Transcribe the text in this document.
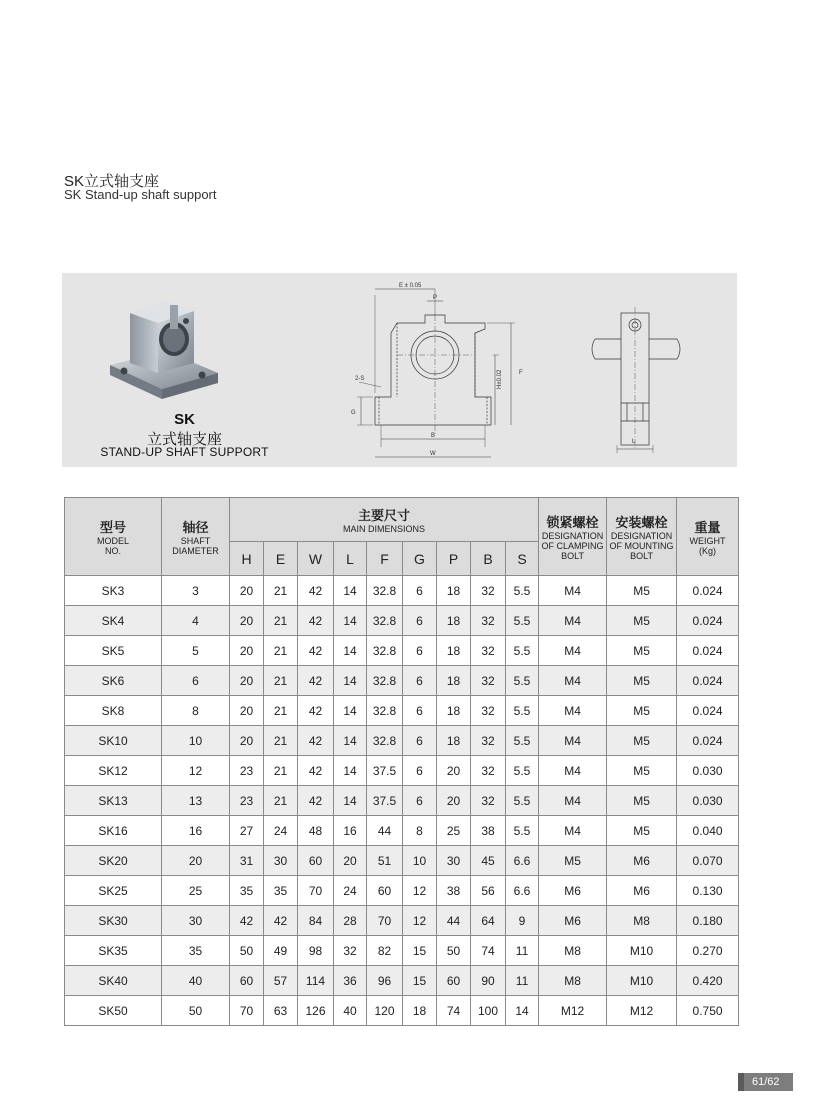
SK立式轴支座
SK Stand-up shaft support
SK
立式轴支座
STAND-UP SHAFT SUPPORT
E ± 0.05
P
2-S
G
H±0.02	F
B
W
L
型号
MODEL
NO.	轴径
SHAFT
DIAMETER	主要尺寸
MAIN DIMENSIONS									锁紧螺栓
DESIGNATION
OF CLAMPING
BOLT	安装螺栓
DESIGNATION
OF MOUNTING
BOLT	重量
WEIGHT
(Kg)

		H	E	W	L	F	G	P	B	S			
SK3	3	20	21	42	14	32.8	6	18	32	5.5	M4	M5	0.024
SK4	4	20	21	42	14	32.8	6	18	32	5.5	M4	M5	0.024
SK5	5	20	21	42	14	32.8	6	18	32	5.5	M4	M5	0.024
SK6	6	20	21	42	14	32.8	6	18	32	5.5	M4	M5	0.024
SK8	8	20	21	42	14	32.8	6	18	32	5.5	M4	M5	0.024
SK10	10	20	21	42	14	32.8	6	18	32	5.5	M4	M5	0.024
SK12	12	23	21	42	14	37.5	6	20	32	5.5	M4	M5	0.030
SK13	13	23	21	42	14	37.5	6	20	32	5.5	M4	M5	0.030
SK16	16	27	24	48	16	44	8	25	38	5.5	M4	M5	0.040
SK20	20	31	30	60	20	51	10	30	45	6.6	M5	M6	0.070
SK25	25	35	35	70	24	60	12	38	56	6.6	M6	M6	0.130
SK30	30	42	42	84	28	70	12	44	64	9	M6	M8	0.180
SK35	35	50	49	98	32	82	15	50	74	11	M8	M10	0.270
SK40	40	60	57	114	36	96	15	60	90	11	M8	M10	0.420
SK50	50	70	63	126	40	120	18	74	100	14	M12	M12	0.750
61/62
